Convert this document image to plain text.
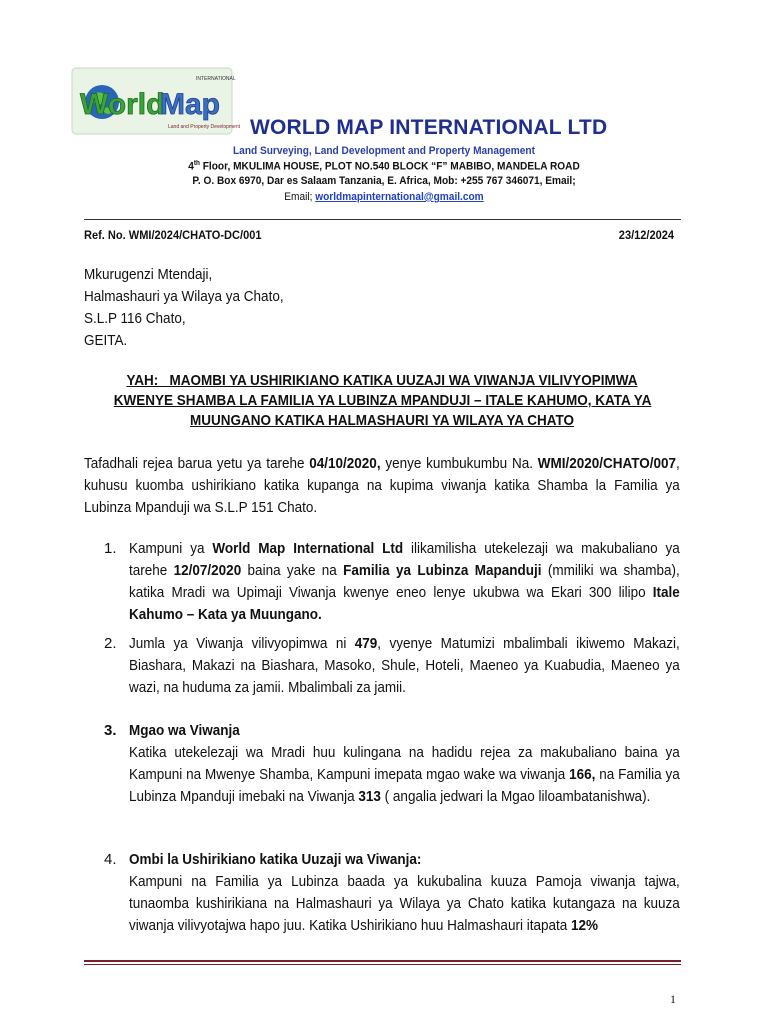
World
Map
INTERNATIONAL
Land and Property Development WORLD MAP INTERNATIONAL LTD
Land Surveying, Land Development and Property Management
4th Floor, MKULIMA HOUSE, PLOT NO.540 BLOCK “F” MABIBO, MANDELA ROAD
P. O. Box 6970, Dar es Salaam Tanzania, E. Africa, Mob: +255 767 346071, Email;
Email; worldmapinternational@gmail.com
Ref. No. WMI/2024/CHATO-DC/001	23/12/2024
Mkurugenzi Mtendaji,
Halmashauri ya Wilaya ya Chato,
S.L.P 116 Chato,
GEITA.
YAH:   MAOMBI YA USHIRIKIANO KATIKA UUZAJI WA VIWANJA VILIVYOPIMWA
KWENYE SHAMBA LA FAMILIA YA LUBINZA MPANDUJI – ITALE KAHUMO, KATA YA
MUUNGANO KATIKA HALMASHAURI YA WILAYA YA CHATO
Tafadhali rejea barua yetu ya tarehe 04/10/2020, yenye kumbukumbu Na. WMI/2020/CHATO/007, kuhusu kuomba ushirikiano katika kupanga na kupima viwanja katika Shamba la Familia ya Lubinza Mpanduji wa S.L.P 151 Chato.
1. Kampuni ya World Map International Ltd ilikamilisha utekelezaji wa makubaliano ya tarehe 12/07/2020 baina yake na Familia ya Lubinza Mapanduji (mmiliki wa shamba), katika Mradi wa Upimaji Viwanja kwenye eneo lenye ukubwa wa Ekari 300 lilipo Itale Kahumo – Kata ya Muungano.
2. Jumla ya Viwanja vilivyopimwa ni 479, vyenye Matumizi mbalimbali ikiwemo Makazi, Biashara, Makazi na Biashara, Masoko, Shule, Hoteli, Maeneo ya Kuabudia, Maeneo ya wazi, na huduma za jamii. Mbalimbali za jamii.
3. Mgao wa Viwanja
Katika utekelezaji wa Mradi huu kulingana na hadidu rejea za makubaliano baina ya Kampuni na Mwenye Shamba, Kampuni imepata mgao wake wa viwanja 166, na Familia ya Lubinza Mpanduji imebaki na Viwanja 313 ( angalia jedwari la Mgao liloambatanishwa).
4. Ombi la Ushirikiano katika Uuzaji wa Viwanja:
Kampuni na Familia ya Lubinza baada ya kukubalina kuuza Pamoja viwanja tajwa, tunaomba kushirikiana na Halmashauri ya Wilaya ya Chato katika kutangaza na kuuza viwanja vilivyotajwa hapo juu. Katika Ushirikiano huu Halmashauri itapata 12%
1
